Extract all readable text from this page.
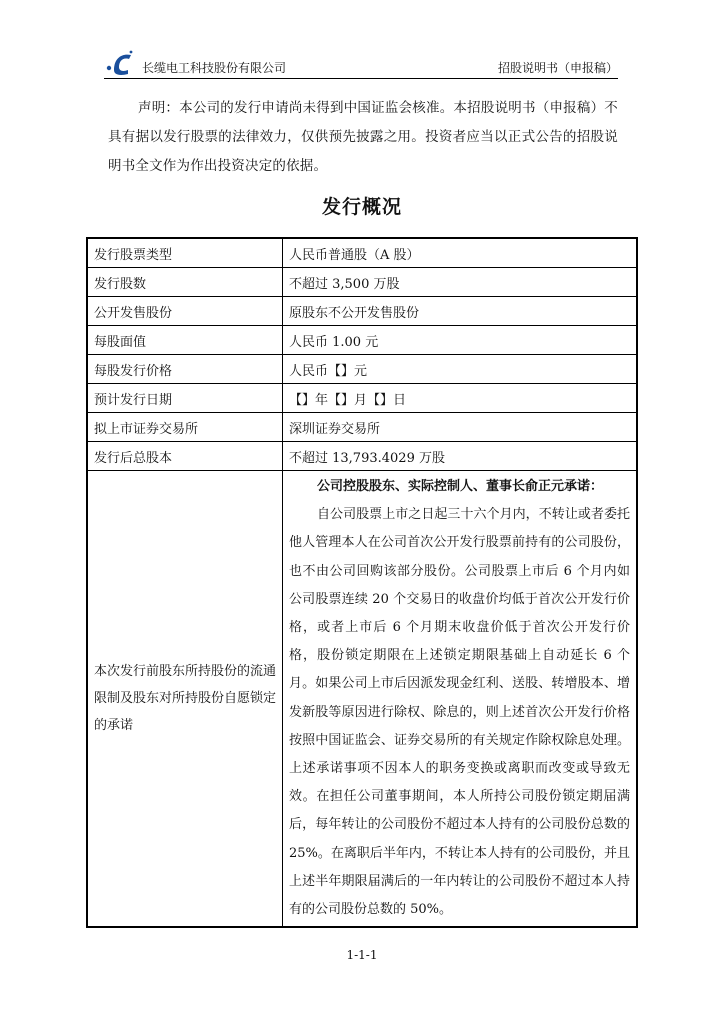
长缆电工科技股份有限公司	招股说明书（申报稿）

声明：本公司的发行申请尚未得到中国证监会核准。本招股说明书（申报稿）不具有据以发行股票的法律效力，仅供预先披露之用。投资者应当以正式公告的招股说明书全文作为作出投资决定的依据。

发行概况
发行股票类型	人民币普通股（A 股）
发行股数	不超过 3,500 万股
公开发售股份	原股东不公开发售股份
每股面值	人民币 1.00 元
每股发行价格	人民币【】元
预计发行日期	【】年【】月【】日
拟上市证券交易所	深圳证券交易所
发行后总股本	不超过 13,793.4029 万股
本次发行前股东所持股份的流通限制及股东对所持股份自愿锁定的承诺	公司控股股东、实际控制人、董事长俞正元承诺：
自公司股票上市之日起三十六个月内，不转让或者委托他人管理本人在公司首次公开发行股票前持有的公司股份，也不由公司回购该部分股份。公司股票上市后 6 个月内如公司股票连续 20 个交易日的收盘价均低于首次公开发行价格，或者上市后 6 个月期末收盘价低于首次公开发行价格，股份锁定期限在上述锁定期限基础上自动延长 6 个月。如果公司上市后因派发现金红利、送股、转增股本、增发新股等原因进行除权、除息的，则上述首次公开发行价格按照中国证监会、证券交易所的有关规定作除权除息处理。上述承诺事项不因本人的职务变换或离职而改变或导致无效。在担任公司董事期间，本人所持公司股份锁定期届满后，每年转让的公司股份不超过本人持有的公司股份总数的 25%。在离职后半年内，不转让本人持有的公司股份，并且上述半年期限届满后的一年内转让的公司股份不超过本人持有的公司股份总数的 50%。
1-1-1
